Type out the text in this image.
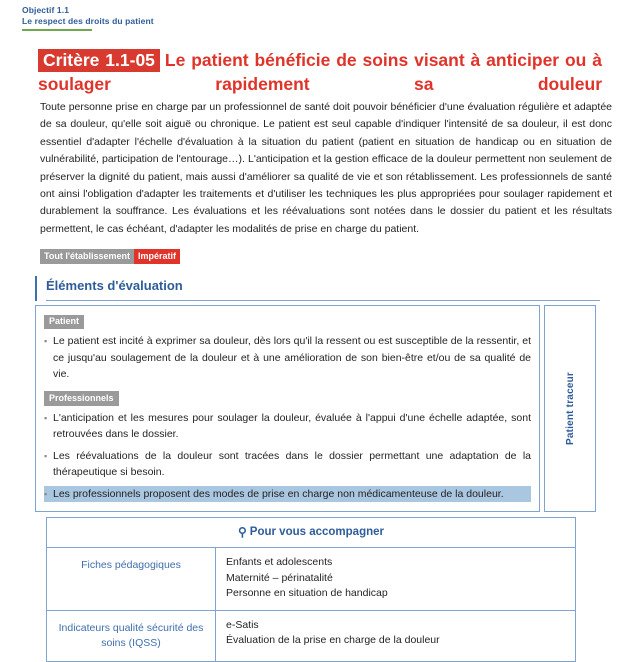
Objectif 1.1
Le respect des droits du patient

Critère 1.1-05 Le patient bénéficie de soins visant à anticiper ou à soulager rapidement sa douleur

Toute personne prise en charge par un professionnel de santé doit pouvoir bénéficier d'une évaluation régulière et adaptée de sa douleur, qu'elle soit aiguë ou chronique. Le patient est seul capable d'indiquer l'intensité de sa douleur, il est donc essentiel d'adapter l'échelle d'évaluation à la situation du patient (patient en situation de handicap ou en situation de vulnérabilité, participation de l'entourage…). L'anticipation et la gestion efficace de la douleur permettent non seulement de préserver la dignité du patient, mais aussi d'améliorer sa qualité de vie et son rétablissement. Les professionnels de santé ont ainsi l'obligation d'adapter les traitements et d'utiliser les techniques les plus appropriées pour soulager rapidement et durablement la souffrance. Les évaluations et les réévaluations sont notées dans le dossier du patient et les résultats permettent, le cas échéant, d'adapter les modalités de prise en charge du patient.

Tout l'établissement Impératif
Éléments d'évaluation
Patient
▪ Le patient est incité à exprimer sa douleur, dès lors qu'il la ressent ou est susceptible de la ressentir, et ce jusqu'au soulagement de la douleur et à une amélioration de son bien-être et/ou de sa qualité de vie.
Professionnels
▪ L'anticipation et les mesures pour soulager la douleur, évaluée à l'appui d'une échelle adaptée, sont retrouvées dans le dossier.
▪ Les réévaluations de la douleur sont tracées dans le dossier permettant une adaptation de la thérapeutique si besoin.
▪ Les professionnels proposent des modes de prise en charge non médicamenteuse de la douleur.
Patient traceur
⚲ Pour vous accompagner	
Fiches pédagogiques	Enfants et adolescents
Maternité – périnatalité
Personne en situation de handicap

Indicateurs qualité sécurité des soins (IQSS)	e-Satis
Évaluation de la prise en charge de la douleur
